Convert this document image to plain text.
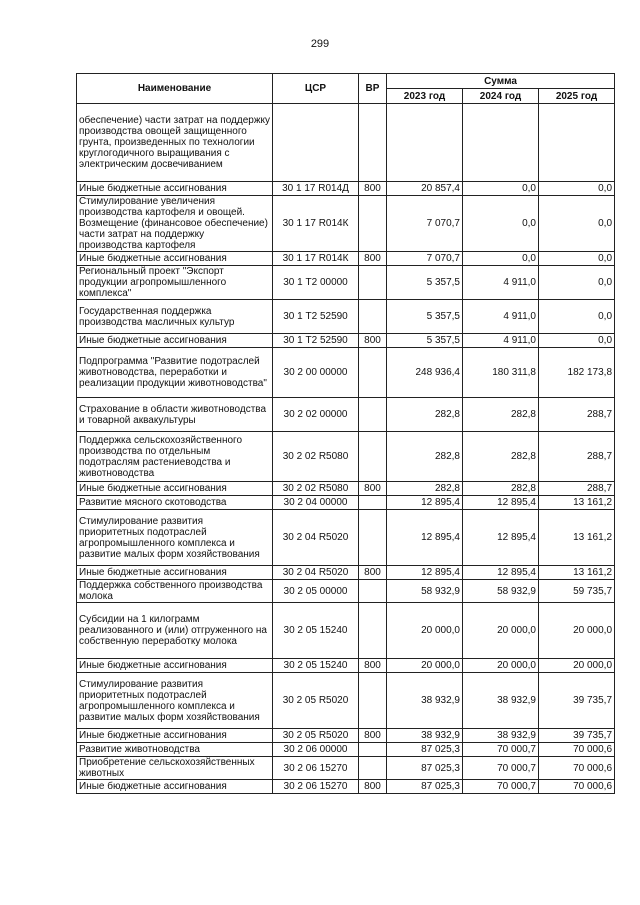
299
Наименование	ЦСР	ВР	Сумма		
			2023 год	2024 год	2025 год
обеспечение) части затрат на поддержку производства овощей защищенного грунта, произведенных по технологии круглогодичного выращивания с электрическим досвечиванием					
Иные бюджетные ассигнования	30 1 17 R014Д	800	20 857,4	0,0	0,0
Стимулирование увеличения производства картофеля и овощей. Возмещение (финансовое обеспечение) части затрат на поддержку производства картофеля	30 1 17 R014К		7 070,7	0,0	0,0
Иные бюджетные ассигнования	30 1 17 R014К	800	7 070,7	0,0	0,0
Региональный проект "Экспорт продукции агропромышленного комплекса"	30 1 Т2 00000		5 357,5	4 911,0	0,0
Государственная поддержка производства масличных культур	30 1 Т2 52590		5 357,5	4 911,0	0,0
Иные бюджетные ассигнования	30 1 Т2 52590	800	5 357,5	4 911,0	0,0
Подпрограмма "Развитие подотраслей животноводства, переработки и реализации продукции животноводства"	30 2 00 00000		248 936,4	180 311,8	182 173,8
Страхование в области животноводства и товарной аквакультуры	30 2 02 00000		282,8	282,8	288,7
Поддержка сельскохозяйственного производства по отдельным подотраслям растениеводства и животноводства	30 2 02 R5080		282,8	282,8	288,7
Иные бюджетные ассигнования	30 2 02 R5080	800	282,8	282,8	288,7
Развитие мясного скотоводства	30 2 04 00000		12 895,4	12 895,4	13 161,2
Стимулирование развития приоритетных подотраслей агропромышленного комплекса и развитие малых форм хозяйствования	30 2 04 R5020		12 895,4	12 895,4	13 161,2
Иные бюджетные ассигнования	30 2 04 R5020	800	12 895,4	12 895,4	13 161,2
Поддержка собственного производства молока	30 2 05 00000		58 932,9	58 932,9	59 735,7
Субсидии на 1 килограмм реализованного и (или) отгруженного на собственную переработку молока	30 2 05 15240		20 000,0	20 000,0	20 000,0
Иные бюджетные ассигнования	30 2 05 15240	800	20 000,0	20 000,0	20 000,0
Стимулирование развития приоритетных подотраслей агропромышленного комплекса и развитие малых форм хозяйствования	30 2 05 R5020		38 932,9	38 932,9	39 735,7
Иные бюджетные ассигнования	30 2 05 R5020	800	38 932,9	38 932,9	39 735,7
Развитие животноводства	30 2 06 00000		87 025,3	70 000,7	70 000,6
Приобретение сельскохозяйственных животных	30 2 06 15270		87 025,3	70 000,7	70 000,6
Иные бюджетные ассигнования	30 2 06 15270	800	87 025,3	70 000,7	70 000,6
